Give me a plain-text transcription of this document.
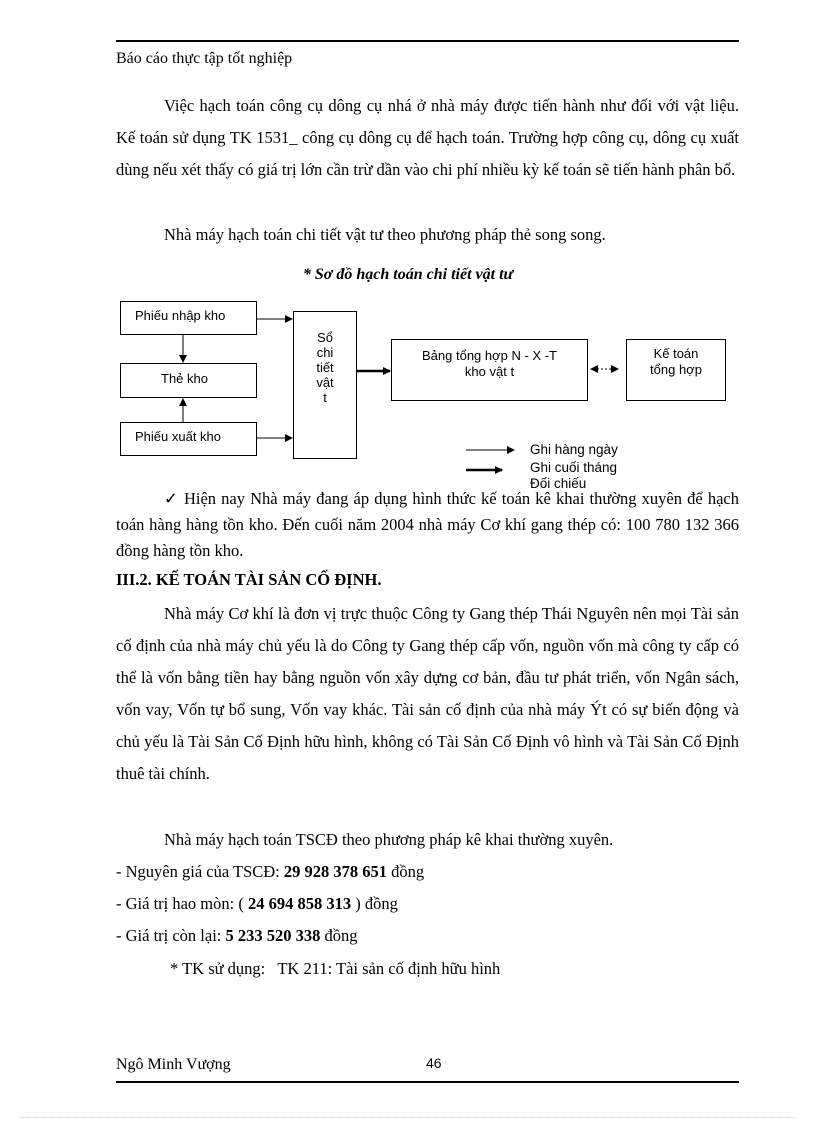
Báo cáo thực tập tốt nghiệp

Việc hạch toán công cụ dông cụ nhá ở nhà máy được tiến hành như đối với vật liệu. Kế toán sử dụng TK 1531_ công cụ dông cụ để hạch toán. Trường hợp công cụ, dông cụ xuất dùng nếu xét thấy có giá trị lớn cần trừ dần vào chi phí nhiều kỳ kế toán sẽ tiến hành phân bổ.

Nhà máy hạch toán chi tiết vật tư theo phương pháp thẻ song song.

* Sơ đồ hạch toán chi tiết vật tư
Phiếu nhập kho
Thẻ kho
Phiếu xuất kho
Sổ
chi
tiết
vật
t
Bảng tổng hợp N - X -T
kho vật t
Kế toán
tổng hợp
Ghi hàng ngày
Ghi cuối tháng
Đối chiếu

✓ Hiện nay Nhà máy đang áp dụng hình thức kế toán kê khai thường xuyên để hạch toán hàng hàng tồn kho. Đến cuối năm 2004 nhà máy Cơ khí gang thép có: 100 780 132 366 đồng hàng tồn kho.

III.2. KẾ TOÁN TÀI SẢN CỐ ĐỊNH.

Nhà máy Cơ khí là đơn vị trực thuộc Công ty Gang thép Thái Nguyên nên mọi Tài sản cố định của nhà máy chủ yếu là do Công ty Gang thép cấp vốn, nguồn vốn mà công ty cấp có thể là vốn bằng tiền hay bằng nguồn vốn xây dựng cơ bản, đầu tư phát triển, vốn Ngân sách, vốn vay, Vốn tự bổ sung, Vốn vay khác. Tài sản cố định của nhà máy Ýt có sự biến động và chủ yếu là Tài Sản Cố Định hữu hình, không có Tài Sản Cố Định vô hình và Tài Sản Cố Định thuê tài chính.

Nhà máy hạch toán TSCĐ theo phương pháp kê khai thường xuyên.

- Nguyên giá của TSCĐ: 29 928 378 651 đồng
- Giá trị hao mòn: ( 24 694 858 313 ) đồng
- Giá trị còn lại: 5 233 520 338 đồng
* TK sử dụng:   TK 211: Tài sản cố định hữu hình
Ngô Minh Vượng	46
